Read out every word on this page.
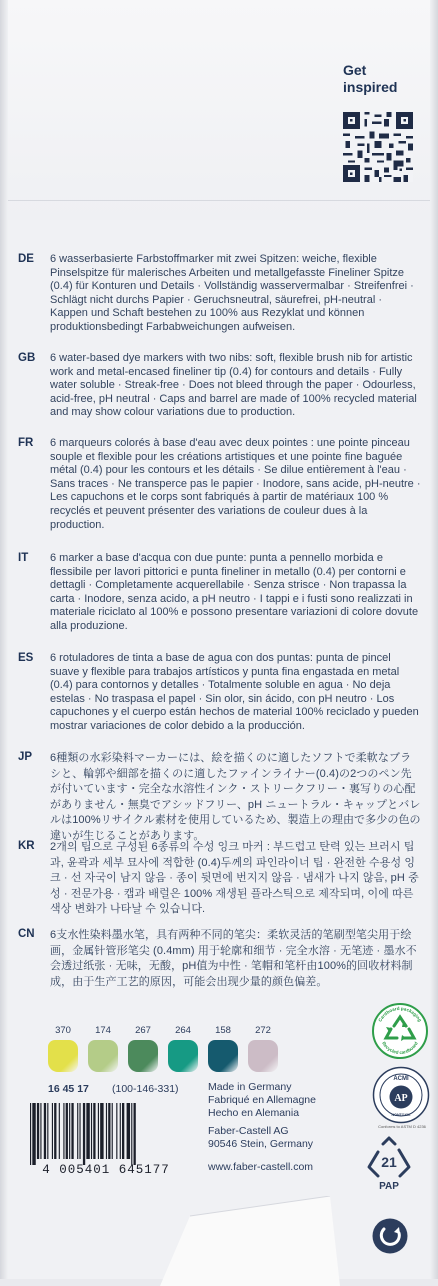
Get inspired
DE 6 wasserbasierte Farbstoffmarker mit zwei Spitzen: weiche, flexible Pinselspitze für malerisches Arbeiten und metallgefasste Fineliner Spitze (0.4) für Konturen und Details · Vollständig wasservermalbar · Streifenfrei · Schlägt nicht durchs Papier · Geruchsneutral, säurefrei, pH-neutral · Kappen und Schaft bestehen zu 100% aus Rezyklat und können produktionsbedingt Farbabweichungen aufweisen.
GB 6 water-based dye markers with two nibs: soft, flexible brush nib for artistic work and metal-encased fineliner tip (0.4) for contours and details · Fully water soluble · Streak-free · Does not bleed through the paper · Odourless, acid-free, pH neutral · Caps and barrel are made of 100% recycled material and may show colour variations due to production.
FR 6 marqueurs colorés à base d'eau avec deux pointes : une pointe pinceau souple et flexible pour les créations artistiques et une pointe fine baguée métal (0.4) pour les contours et les détails · Se dilue entièrement à l'eau · Sans traces · Ne transperce pas le papier · Inodore, sans acide, pH-neutre · Les capuchons et le corps sont fabriqués à partir de matériaux 100 % recyclés et peuvent présenter des variations de couleur dues à la production.
IT 6 marker a base d'acqua con due punte: punta a pennello morbida e flessibile per lavori pittorici e punta fineliner in metallo (0.4) per contorni e dettagli · Completamente acquerellabile · Senza strisce · Non trapassa la carta · Inodore, senza acido, a pH neutro · I tappi e i fusti sono realizzati in materiale riciclato al 100% e possono presentare variazioni di colore dovute alla produzione.
ES 6 rotuladores de tinta a base de agua con dos puntas: punta de pincel suave y flexible para trabajos artísticos y punta fina engastada en metal (0.4) para contornos y detalles · Totalmente soluble en agua · No deja estelas · No traspasa el papel · Sin olor, sin ácido, con pH neutro · Los capuchones y el cuerpo están hechos de material 100% reciclado y pueden mostrar variaciones de color debido a la producción.
JP 6種類の水彩染料マーカーには、絵を描くのに適したソフトで柔軟なブラシと、輪郭や細部を描くのに適したファインライナー(0.4)の2つのペン先が付いています・完全な水溶性インク・ストリークフリー・裏写りの心配がありません・無臭でアシッドフリー、pH ニュートラル・キャップとバレルは100%リサイクル素材を使用しているため、製造上の理由で多少の色の違いが生じることがあります。
KR 2개의 팁으로 구성된 6종류의 수성 잉크 마커 : 부드럽고 탄력 있는 브러시 팁과, 윤곽과 세부 묘사에 적합한 (0.4)두께의 파인라이너 팁 · 완전한 수용성 잉크 · 선 자국이 남지 않음 · 종이 뒷면에 번지지 않음 · 냄새가 나지 않음, pH 중성 · 전문가용 · 캡과 배럴은 100% 재생된 플라스틱으로 제작되며, 이에 따른 색상 변화가 나타날 수 있습니다.
CN 6支水性染料墨水笔，具有两种不同的笔尖：柔软灵活的笔刷型笔尖用于绘画，金属针管形笔尖 (0.4mm) 用于轮廓和细节 · 完全水溶 · 无笔迹 · 墨水不会透过纸张 · 无味，无酸，pH值为中性 · 笔帽和笔杆由100%的回收材料制成，由于生产工艺的原因，可能会出现少量的颜色偏差。
370	174	267	264	158	272
Cardboard packaging
Recycled cardboard
ACMI
AP
NONTOXIC
Conforms to ASTM D 4236
16 45 17 (100-146-331)	Made in Germany
Fabriqué en Allemagne
Hecho en Alemania
Faber-Castell AG
90546 Stein, Germany
www.faber-castell.com
4 005401 645177	21
PAP
